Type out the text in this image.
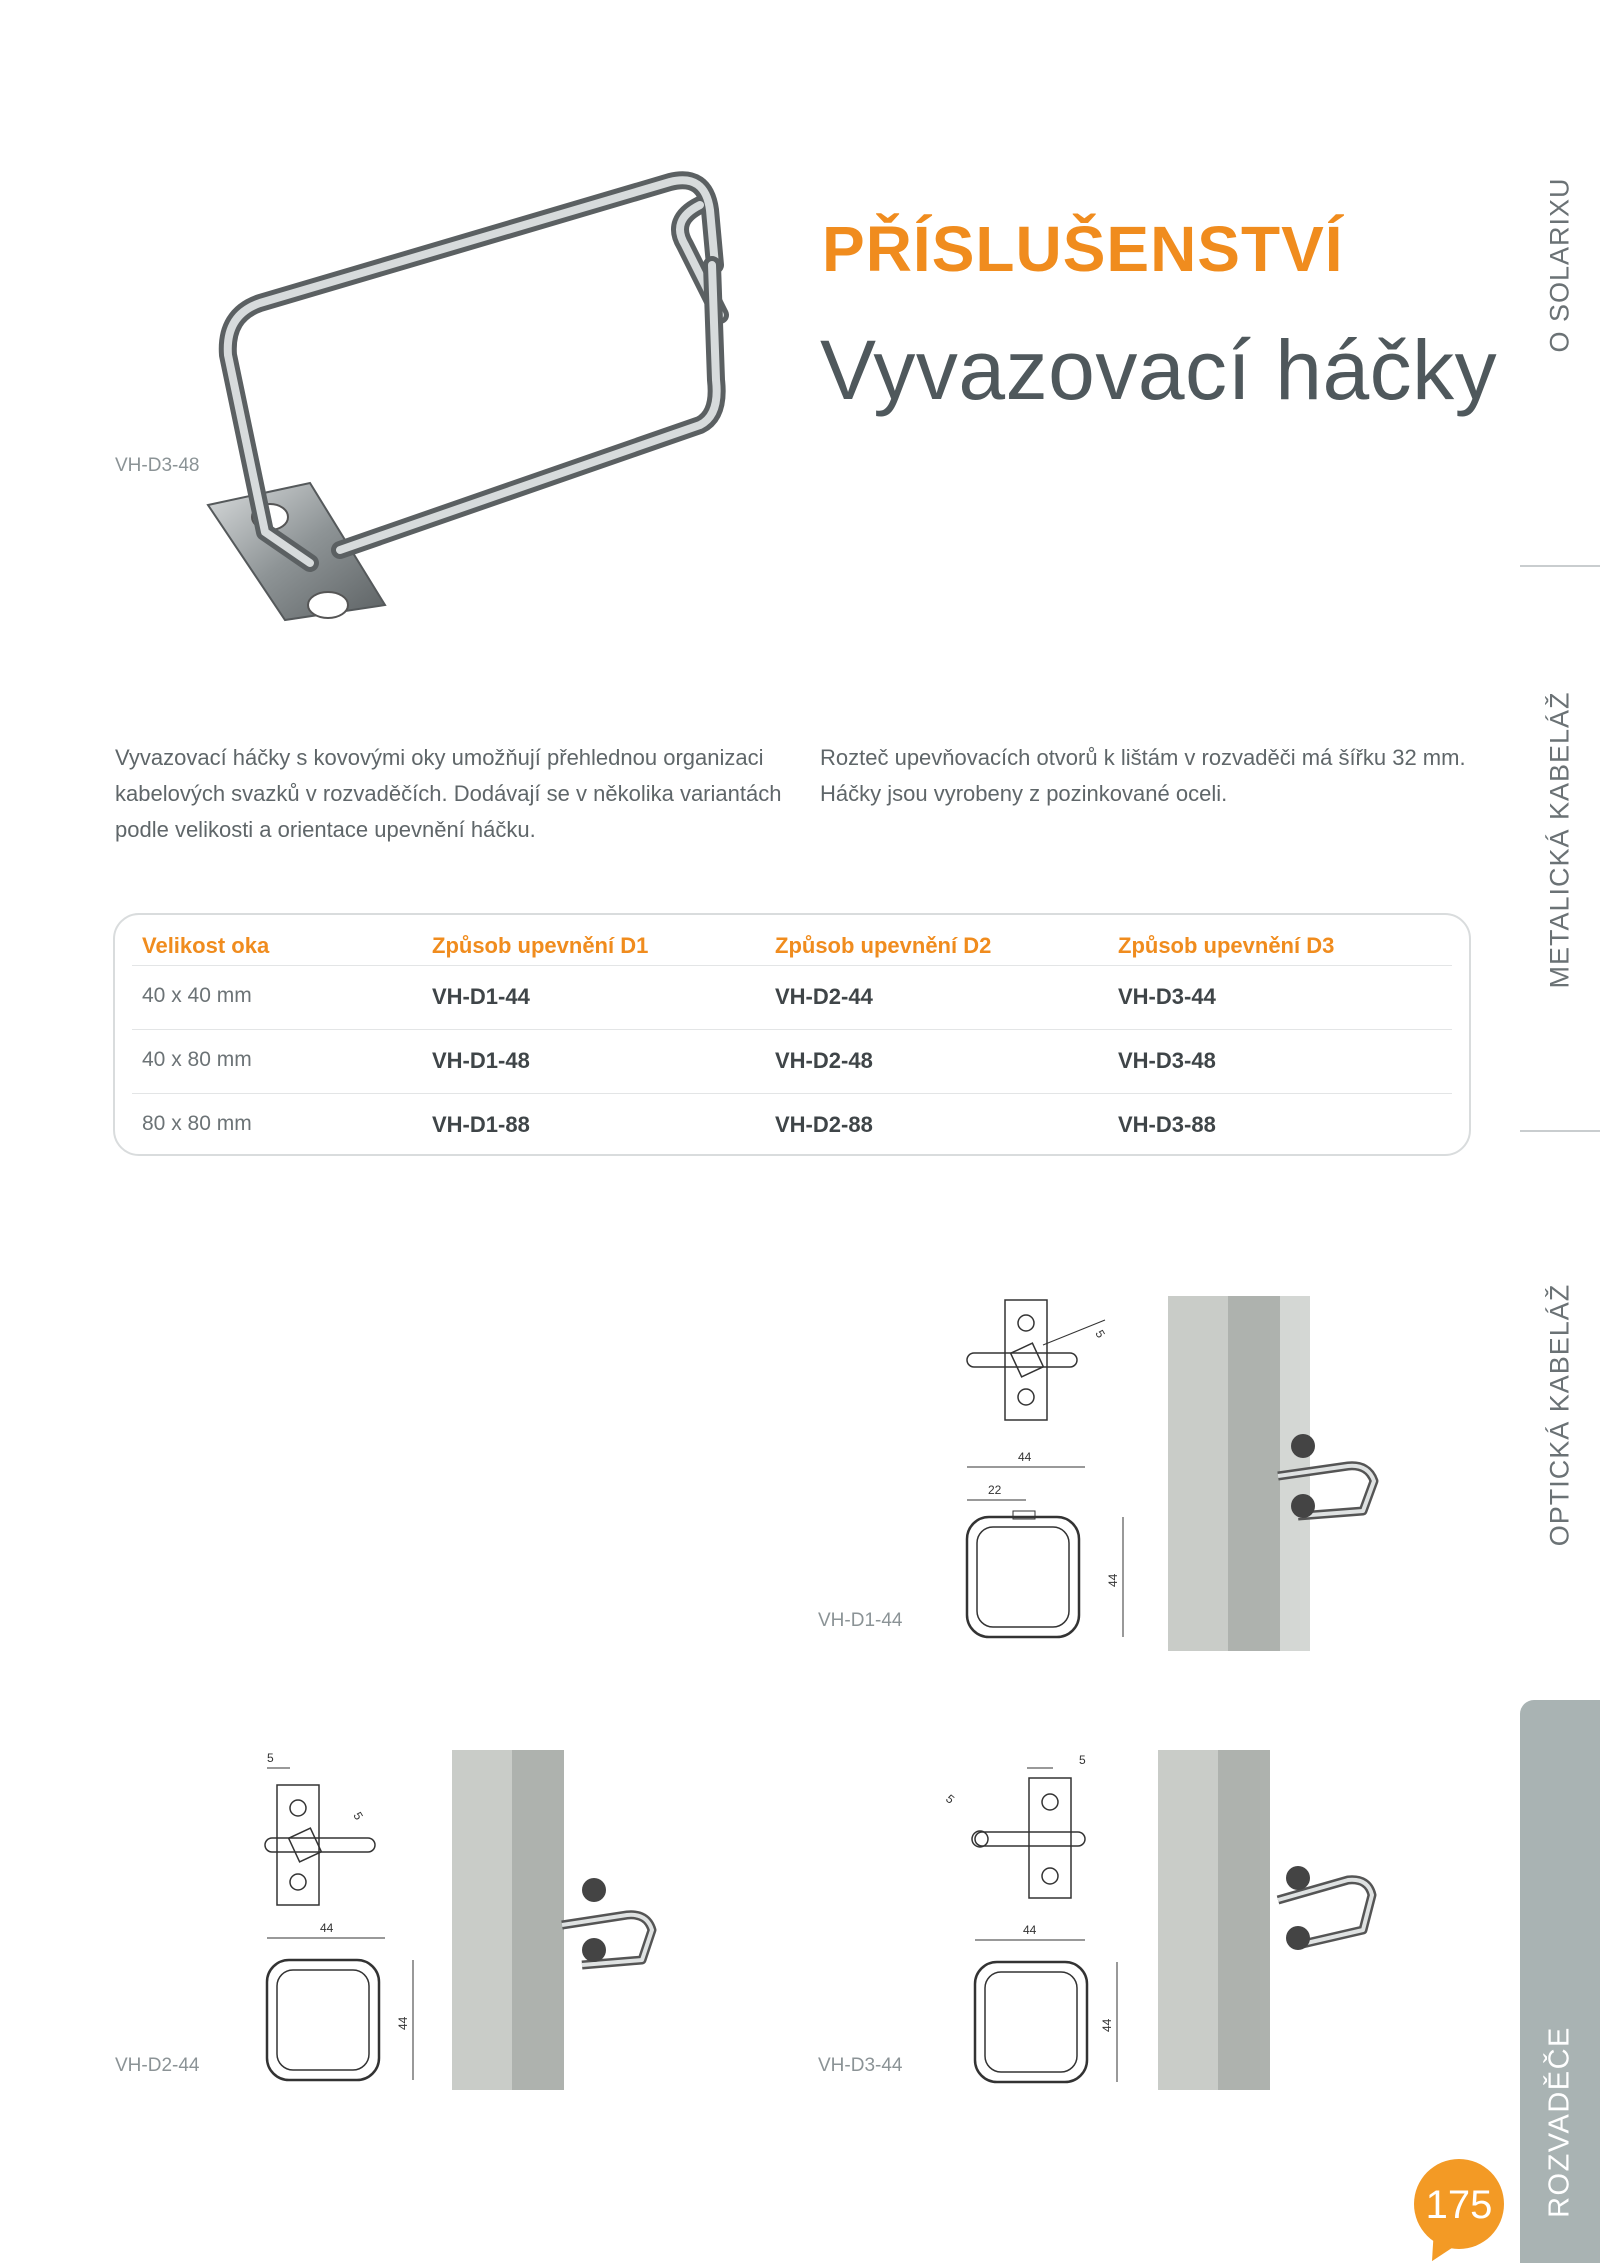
O SOLARIXU
METALICKÁ KABELÁŽ
OPTICKÁ KABELÁŽ
ROZVADĚČE
PŘÍSLUŠENSTVÍ
Vyvazovací háčky
VH-D3-48
Vyvazovací háčky s kovovými oky umožňují přehlednou organizaci
kabelových svazků v rozvaděčích. Dodávají se v několika variantách
podle velikosti a orientace upevnění háčku.
Rozteč upevňovacích otvorů k lištám v rozvaděči má šířku 32 mm.
Háčky jsou vyrobeny z pozinkované oceli.
Velikost oka	Způsob upevnění D1	Způsob upevnění D2	Způsob upevnění D3
40 x 40 mm	VH-D1-44	VH-D2-44	VH-D3-44
40 x 80 mm	VH-D1-48	VH-D2-48	VH-D3-48
80 x 80 mm	VH-D1-88	VH-D2-88	VH-D3-88
5
44
22
44
VH-D1-44
5
5
44
44
VH-D2-44
5
5
44
44
VH-D3-44
175
